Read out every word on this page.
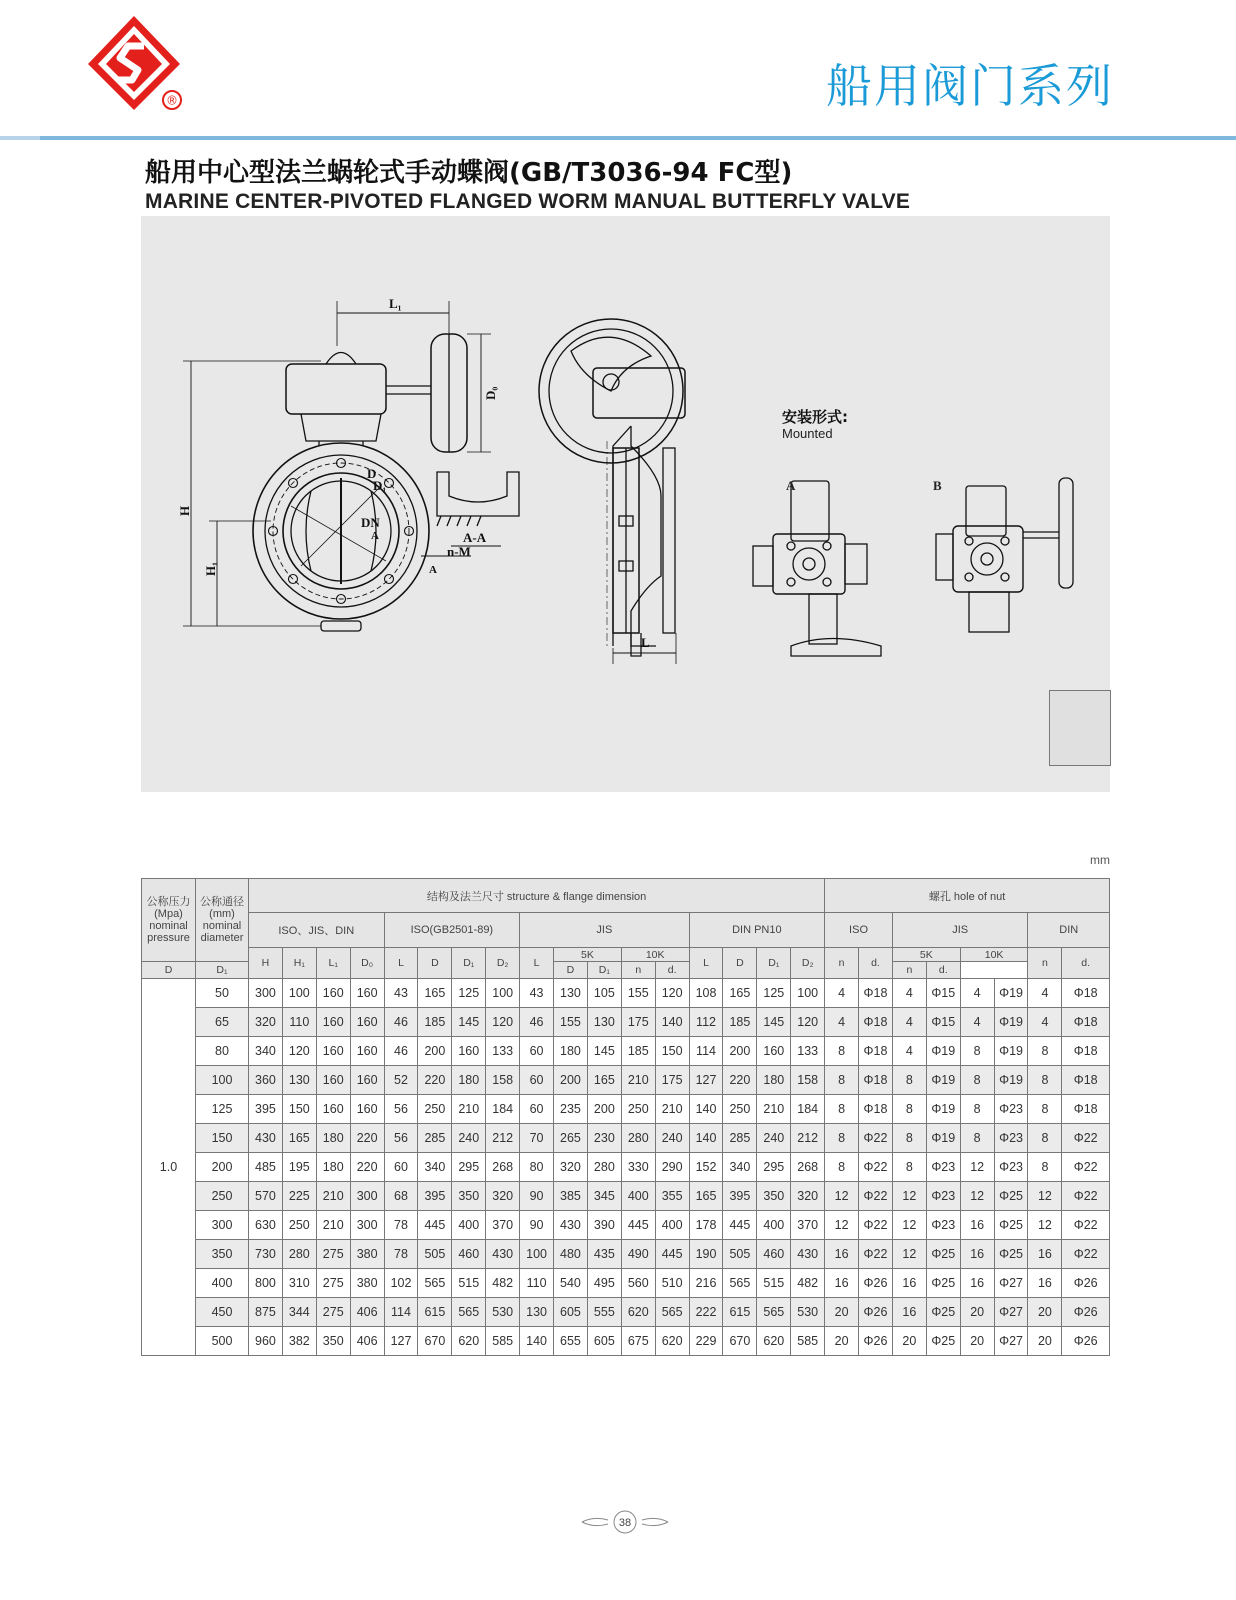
®	船用阀门系列
船用中心型法兰蜗轮式手动蝶阀(GB/T3036-94 FC型)
MARINE CENTER-PIVOTED FLANGED WORM MANUAL BUTTERFLY VALVE
L₁
D₀
H
H₁
D
D₁
DN
A	A-A
n-M
A
L
安装形式:
Mounted
A	B
mm
公称压力
(Mpa)
nominal
pressure	公称通径
(mm)
nominal
diameter	结构及法兰尺寸 structure & flange dimension																	螺孔 hole of nut							
		ISO、JIS、DIN				ISO(GB2501-89)				JIS					DIN PN10				ISO		JIS				DIN	
		H	H₁	L₁	D₀	L	D	D₁	D₂	L	5K		10K		L	D	D₁	D₂	n	d.	5K		10K		n	d.
D	D₁										D	D₁	n	d.							n	d.				
1.0	50	300	100	160	160	43	165	125	100	43	130	105	155	120	108	165	125	100	4	Φ18	4	Φ15	4	Φ19	4	Φ18
	65	320	110	160	160	46	185	145	120	46	155	130	175	140	112	185	145	120	4	Φ18	4	Φ15	4	Φ19	4	Φ18
	80	340	120	160	160	46	200	160	133	60	180	145	185	150	114	200	160	133	8	Φ18	4	Φ19	8	Φ19	8	Φ18
	100	360	130	160	160	52	220	180	158	60	200	165	210	175	127	220	180	158	8	Φ18	8	Φ19	8	Φ19	8	Φ18
	125	395	150	160	160	56	250	210	184	60	235	200	250	210	140	250	210	184	8	Φ18	8	Φ19	8	Φ23	8	Φ18
	150	430	165	180	220	56	285	240	212	70	265	230	280	240	140	285	240	212	8	Φ22	8	Φ19	8	Φ23	8	Φ22
	200	485	195	180	220	60	340	295	268	80	320	280	330	290	152	340	295	268	8	Φ22	8	Φ23	12	Φ23	8	Φ22
	250	570	225	210	300	68	395	350	320	90	385	345	400	355	165	395	350	320	12	Φ22	12	Φ23	12	Φ25	12	Φ22
	300	630	250	210	300	78	445	400	370	90	430	390	445	400	178	445	400	370	12	Φ22	12	Φ23	16	Φ25	12	Φ22
	350	730	280	275	380	78	505	460	430	100	480	435	490	445	190	505	460	430	16	Φ22	12	Φ25	16	Φ25	16	Φ22
	400	800	310	275	380	102	565	515	482	110	540	495	560	510	216	565	515	482	16	Φ26	16	Φ25	16	Φ27	16	Φ26
	450	875	344	275	406	114	615	565	530	130	605	555	620	565	222	615	565	530	20	Φ26	16	Φ25	20	Φ27	20	Φ26
	500	960	382	350	406	127	670	620	585	140	655	605	675	620	229	670	620	585	20	Φ26	20	Φ25	20	Φ27	20	Φ26
38
